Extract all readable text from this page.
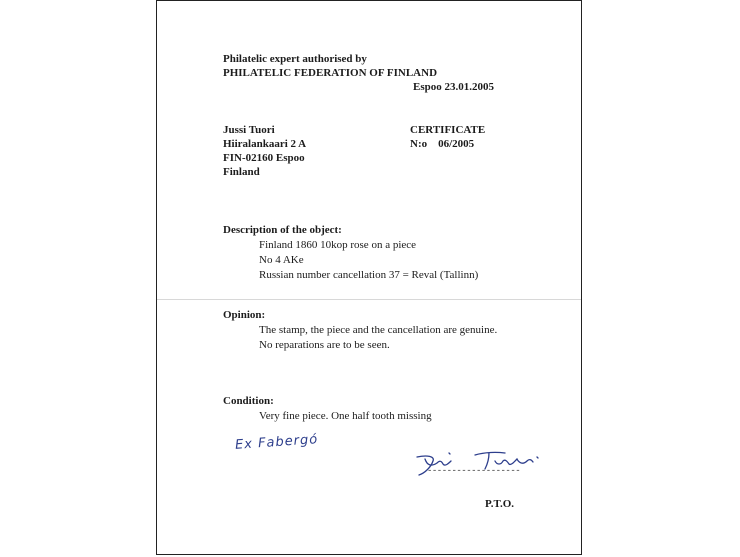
Philatelic expert authorised by
PHILATELIC FEDERATION OF FINLAND
Espoo 23.01.2005
Jussi Tuori
Hiiralankaari 2 A
FIN-02160 Espoo
Finland
CERTIFICATE
N:o    06/2005
Description of the object:
Finland 1860 10kop rose on a piece
No 4 AKe
Russian number cancellation 37 = Reval (Tallinn)
Opinion:
The stamp, the piece and the cancellation are genuine.
No reparations are to be seen.
Condition:
Very fine piece. One half tooth missing
Ex Fabergó
-------------------
P.T.O.
